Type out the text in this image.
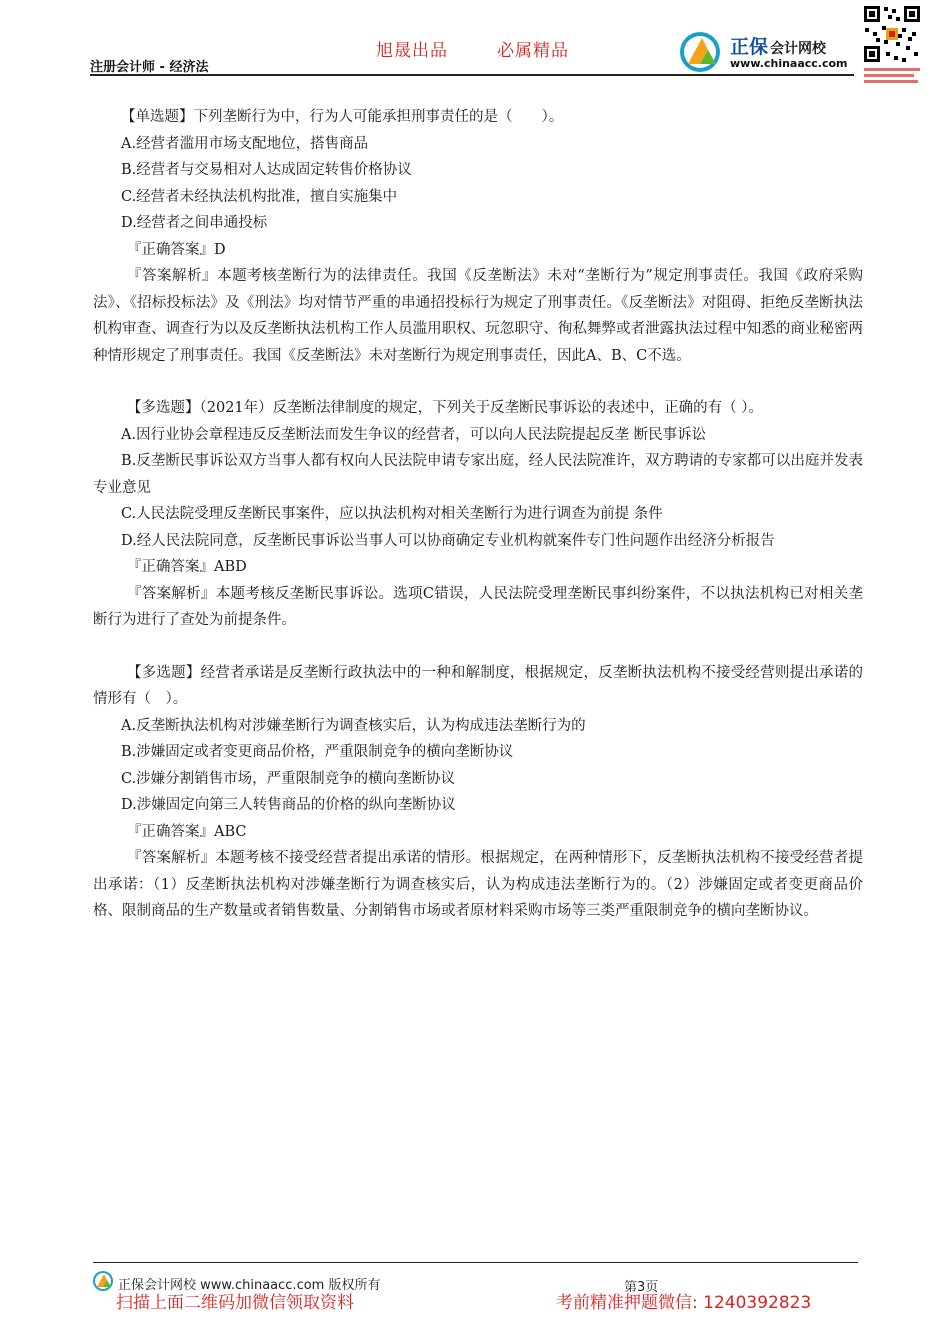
旭晟出品	必属精品
注册会计师 - 经济法
正保 会计网校
www.chinaacc.com

【单选题】下列垄断行为中，行为人可能承担刑事责任的是（　　）。

A.经营者滥用市场支配地位，搭售商品

B.经营者与交易相对人达成固定转售价格协议

C.经营者未经执法机构批准，擅自实施集中

D.经营者之间串通投标

『正确答案』D

『答案解析』本题考核垄断行为的法律责任。我国《反垄断法》未对“垄断行为”规定刑事责任。我国《政府采购法》、《招标投标法》及《刑法》均对情节严重的串通招投标行为规定了刑事责任。《反垄断法》对阻碍、拒绝反垄断执法机构审查、调查行为以及反垄断执法机构工作人员滥用职权、玩忽职守、徇私舞弊或者泄露执法过程中知悉的商业秘密两种情形规定了刑事责任。我国《反垄断法》未对垄断行为规定刑事责任，因此A、B、C不选。

【多选题】（2021年）反垄断法律制度的规定，下列关于反垄断民事诉讼的表述中，正确的有（ ）。

A.因行业协会章程违反反垄断法而发生争议的经营者，可以向人民法院提起反垄 断民事诉讼

B.反垄断民事诉讼双方当事人都有权向人民法院申请专家出庭，经人民法院准许，双方聘请的专家都可以出庭并发表专业意见

C.人民法院受理反垄断民事案件，应以执法机构对相关垄断行为进行调查为前提 条件

D.经人民法院同意，反垄断民事诉讼当事人可以协商确定专业机构就案件专门性问题作出经济分析报告

『正确答案』ABD

『答案解析』本题考核反垄断民事诉讼。选项C错误，人民法院受理垄断民事纠纷案件，不以执法机构已对相关垄断行为进行了查处为前提条件。

【多选题】经营者承诺是反垄断行政执法中的一种和解制度，根据规定，反垄断执法机构不接受经营则提出承诺的情形有（　）。

A.反垄断执法机构对涉嫌垄断行为调查核实后，认为构成违法垄断行为的

B.涉嫌固定或者变更商品价格，严重限制竞争的横向垄断协议

C.涉嫌分割销售市场，严重限制竞争的横向垄断协议

D.涉嫌固定向第三人转售商品的价格的纵向垄断协议

『正确答案』ABC

『答案解析』本题考核不接受经营者提出承诺的情形。根据规定，在两种情形下，反垄断执法机构不接受经营者提出承诺：（1）反垄断执法机构对涉嫌垄断行为调查核实后，认为构成违法垄断行为的。（2）涉嫌固定或者变更商品价格、限制商品的生产数量或者销售数量、分割销售市场或者原材料采购市场等三类严重限制竞争的横向垄断协议。

正保会计网校 www.chinaacc.com 版权所有	第3页
扫描上面二维码加微信领取资料	考前精准押题微信: 1240392823
